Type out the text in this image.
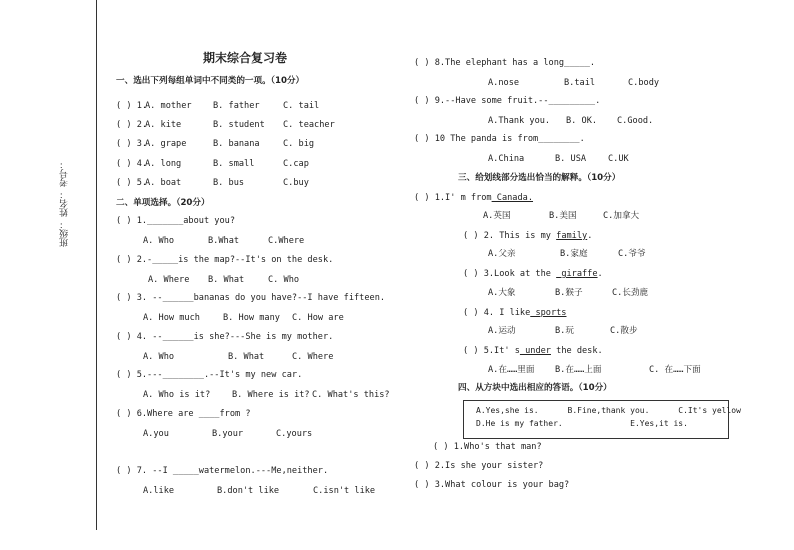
班级： 姓名： 考号：
期末综合复习卷
一、选出下列每组单词中不同类的一项。（10分）
( ) 1.
A. mother B. father	C. tail
( ) 2.
A. kite	B. student C. teacher
( ) 3.
A. grape	B. banana	C. big
( ) 4.
A. long	B. small	C.cap
( ) 5.
A. boat	B. bus	C.buy
二、单项选择。（20分）
( ) 1._______about you?
A. Who	B.What	C.Where
( ) 2.-_____is the map?--It's on the desk.
A. Where B. What	C. Who
( ) 3. --______bananas do you have?--I have fifteen.
A. How much	B. How many C. How are
( ) 4. --______is she?---She is my mother.
A. Who	B. What	C. Where
( ) 5.---________.--It's my new car.
A. Who is it?	B. Where is it? C. What's this?
( ) 6.Where are ____from ?
A.you	B.your	C.yours
( ) 7. --I _____watermelon.---Me,neither.
A.like	B.don't like	C.isn't like
( ) 8.The elephant has a long_____.
A.nose	B.tail	C.body
( ) 9.--Have some fruit.--_________.
A.Thank you. B. OK. C.Good.
( ) 10 The panda is from________.
A.China	B. USA	C.UK
三、给划线部分选出恰当的解释。（10分）
( ) 1.I' m from Canada.
A.英国	B.美国	C.加拿大
( ) 2. This is my family.
A.父亲	B.家庭	C.爷爷
( ) 3.Look at the  giraffe.
A.大象	B.猴子	C.长劲鹿
( ) 4. I like sports
A.运动	B.玩	C.散步
( ) 5.It' s under the desk.
A.在……里面 B.在……上面	C. 在……下面
四、从方块中选出相应的答语。（10分）
A.Yes,she is.      B.Fine,thank you.      C.It's yellow
D.He is my father.              E.Yes,it is.
( ) 1.Who's that man?
( ) 2.Is she your sister?
( ) 3.What colour is your bag?
